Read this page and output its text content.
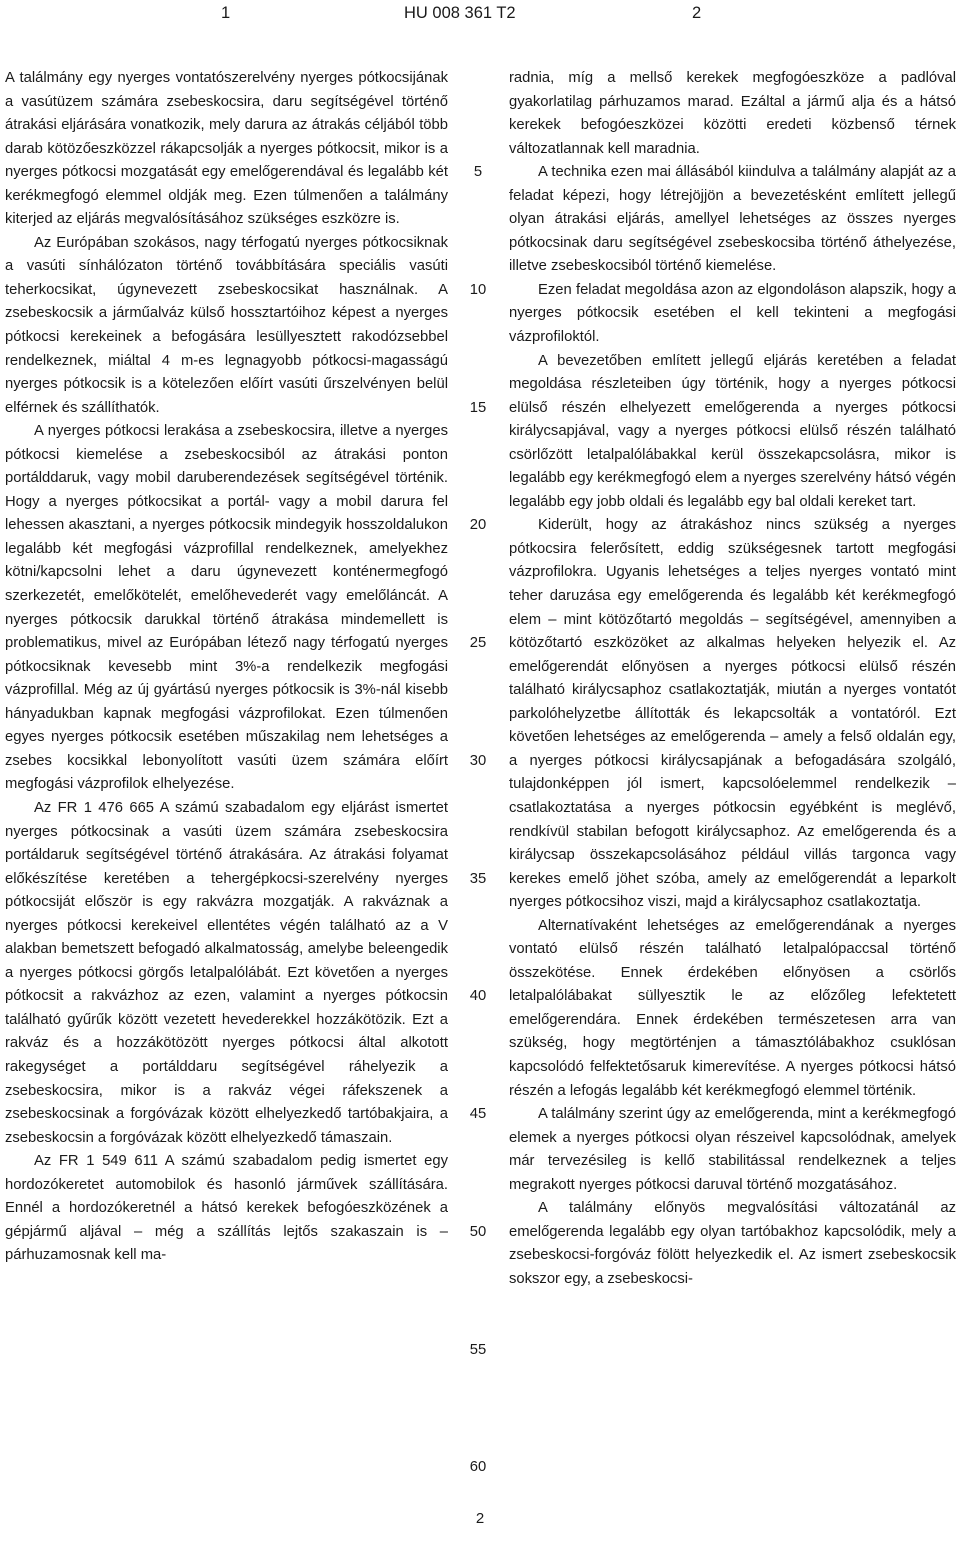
1	HU 008 361 T2	2

A találmány egy nyerges vontatószerelvény nyerges pótkocsijának a vasútüzem számára zsebeskocsira, daru segítségével történő átrakási eljárására vonatkozik, mely darura az átrakás céljából több darab kötözőeszközzel rákapcsolják a nyerges pótkocsit, mikor is a nyerges pótkocsi mozgatását egy emelőgerendával és legalább két kerékmegfogó elemmel oldják meg. Ezen túlmenően a találmány kiterjed az eljárás megvalósításához szükséges eszközre is.

Az Európában szokásos, nagy térfogatú nyerges pótkocsiknak a vasúti sínhálózaton történő továbbítására speciális vasúti teherkocsikat, úgynevezett zsebeskocsikat használnak. A zsebeskocsik a járműalváz külső hossztartóihoz képest a nyerges pótkocsi kerekeinek a befogására lesüllyesztett rakodózsebbel rendelkeznek, miáltal 4 m-es legnagyobb pótkocsi-magasságú nyerges pótkocsik is a kötelezően előírt vasúti űrszelvényen belül elférnek és szállíthatók.

A nyerges pótkocsi lerakása a zsebeskocsira, illetve a nyerges pótkocsi kiemelése a zsebeskocsiból az átrakási ponton portálddaruk, vagy mobil daruberendezések segítségével történik. Hogy a nyerges pótkocsikat a portál- vagy a mobil darura fel lehessen akasztani, a nyerges pótkocsik mindegyik hosszoldalukon legalább két megfogási vázprofillal rendelkeznek, amelyekhez kötni/kapcsolni lehet a daru úgynevezett konténermegfogó szerkezetét, emelőkötelét, emelőhevederét vagy emelőláncát. A nyerges pótkocsik darukkal történő átrakása mindemellett is problematikus, mivel az Európában létező nagy térfogatú nyerges pótkocsiknak kevesebb mint 3%-a rendelkezik megfogási vázprofillal. Még az új gyártású nyerges pótkocsik is 3%-nál kisebb hányadukban kapnak megfogási vázprofilokat. Ezen túlmenően egyes nyerges pótkocsik esetében műszakilag nem lehetséges a zsebes kocsikkal lebonyolított vasúti üzem számára előírt megfogási vázprofilok elhelyezése.

Az FR 1 476 665 A számú szabadalom egy eljárást ismertet nyerges pótkocsinak a vasúti üzem számára zsebeskocsira portáldaruk segítségével történő átrakására. Az átrakási folyamat előkészítése keretében a tehergépkocsi-szerelvény nyerges pótkocsiját először is egy rakvázra mozgatják. A rakváznak a nyerges pótkocsi kerekeivel ellentétes végén található az a V alakban bemetszett befogadó alkalmatosság, amelybe beleengedik a nyerges pótkocsi görgős letalpalólábát. Ezt követően a nyerges pótkocsit a rakvázhoz az ezen, valamint a nyerges pótkocsin található gyűrűk között vezetett hevederekkel hozzákötözik. Ezt a rakváz és a hozzákötözött nyerges pótkocsi által alkotott rakegységet a portálddaru segítségével ráhelyezik a zsebeskocsira, mikor is a rakváz végei ráfekszenek a zsebeskocsinak a forgóvázak között elhelyezkedő tartóbakjaira, a zsebeskocsin a forgóvázak között elhelyezkedő támaszain.

Az FR 1 549 611 A számú szabadalom pedig ismertet egy hordozókeretet automobilok és hasonló járművek szállítására. Ennél a hordozókeretnél a hátsó kerekek befogóeszközének a gépjármű aljával – még a szállítás lejtős szakaszain is – párhuzamosnak kell ma-

5
10
15
20
25
30
35
40
45
50
55
60

radnia, míg a mellső kerekek megfogóeszköze a padlóval gyakorlatilag párhuzamos marad. Ezáltal a jármű alja és a hátsó kerekek befogóeszközei közötti eredeti közbenső térnek változatlannak kell maradnia.

A technika ezen mai állásából kiindulva a találmány alapját az a feladat képezi, hogy létrejöjjön a bevezetésként említett jellegű olyan átrakási eljárás, amellyel lehetséges az összes nyerges pótkocsinak daru segítségével zsebeskocsiba történő áthelyezése, illetve zsebeskocsiból történő kiemelése.

Ezen feladat megoldása azon az elgondoláson alapszik, hogy a nyerges pótkocsik esetében el kell tekinteni a megfogási vázprofiloktól.

A bevezetőben említett jellegű eljárás keretében a feladat megoldása részleteiben úgy történik, hogy a nyerges pótkocsi elülső részén elhelyezett emelőgerenda a nyerges pótkocsi királycsapjával, vagy a nyerges pótkocsi elülső részén található csörlőzött letalpalólábakkal kerül összekapcsolásra, mikor is legalább egy kerékmegfogó elem a nyerges szerelvény hátsó végén legalább egy jobb oldali és legalább egy bal oldali kereket tart.

Kiderült, hogy az átrakáshoz nincs szükség a nyerges pótkocsira felerősített, eddig szükségesnek tartott megfogási vázprofilokra. Ugyanis lehetséges a teljes nyerges vontató mint teher daruzása egy emelőgerenda és legalább két kerékmegfogó elem – mint kötözőtartó megoldás – segítségével, amennyiben a kötözőtartó eszközöket az alkalmas helyeken helyezik el. Az emelőgerendát előnyösen a nyerges pótkocsi elülső részén található királycsaphoz csatlakoztatják, miután a nyerges vontatót parkolóhelyzetbe állították és lekapcsolták a vontatóról. Ezt követően lehetséges az emelőgerenda – amely a felső oldalán egy, a nyerges pótkocsi királycsapjának a befogadására szolgáló, tulajdonképpen jól ismert, kapcsolóelemmel rendelkezik – csatlakoztatása a nyerges pótkocsin egyébként is meglévő, rendkívül stabilan befogott királycsaphoz. Az emelőgerenda és a királycsap összekapcsolásához például villás targonca vagy kerekes emelő jöhet szóba, amely az emelőgerendát a leparkolt nyerges pótkocsihoz viszi, majd a királycsaphoz csatlakoztatja.

Alternatívaként lehetséges az emelőgerendának a nyerges vontató elülső részén található letalpalópaccsal történő összekötése. Ennek érdekében előnyösen a csörlős letalpalólábakat süllyesztik le az előzőleg lefektetett emelőgerendára. Ennek érdekében természetesen arra van szükség, hogy megtörténjen a támasztólábakhoz csuklósan kapcsolódó felfektetősaruk kimerevítése. A nyerges pótkocsi hátsó részén a lefogás legalább két kerékmegfogó elemmel történik.

A találmány szerint úgy az emelőgerenda, mint a kerékmegfogó elemek a nyerges pótkocsi olyan részeivel kapcsolódnak, amelyek már tervezésileg is kellő stabilitással rendelkeznek a teljes megrakott nyerges pótkocsi daruval történő mozgatásához.

A találmány előnyös megvalósítási változatánál az emelőgerenda legalább egy olyan tartóbakhoz kapcsolódik, mely a zsebeskocsi-forgóváz fölött helyezkedik el. Az ismert zsebeskocsik sokszor egy, a zsebeskocsi-

2
